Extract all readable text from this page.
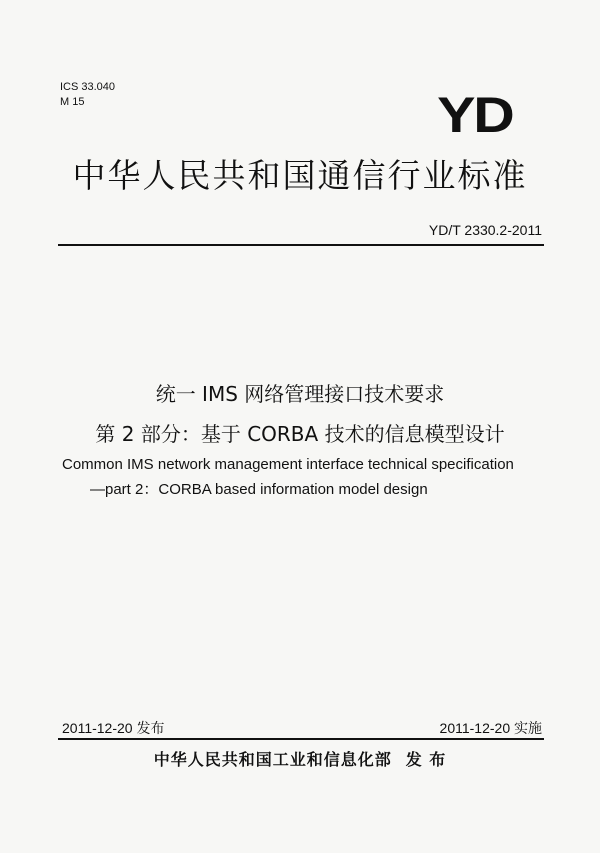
ICS 33.040
M 15	YD
中华人民共和国通信行业标准
YD/T 2330.2-2011
统一 IMS 网络管理接口技术要求
第 2 部分：基于 CORBA 技术的信息模型设计
Common IMS network management interface technical specification
—part 2：CORBA based information model design
2011-12-20 发布	2011-12-20 实施
中华人民共和国工业和信息化部 发 布
